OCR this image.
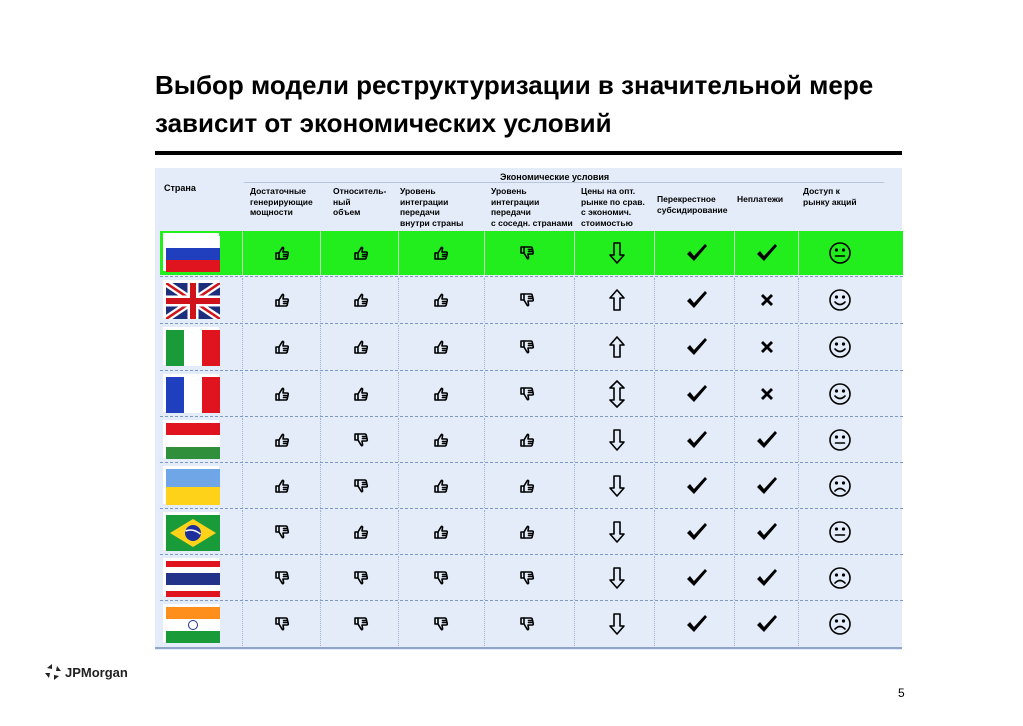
Выбор модели реструктуризации в значительной мере зависит от экономических условий
Экономические условия
Страна	Достаточные
генерирующие
мощности
Относитель-
ный
объем
Уровень
интеграции
передачи
внутри страны
Уровень
интеграции
передачи
с соседн. странами
Цены на опт.
рынке по срав.
с экономич.
стоимостью
Перекрестное
субсидирование
Неплатежи
Доступ к
рынку акций
JPMorgan
5
